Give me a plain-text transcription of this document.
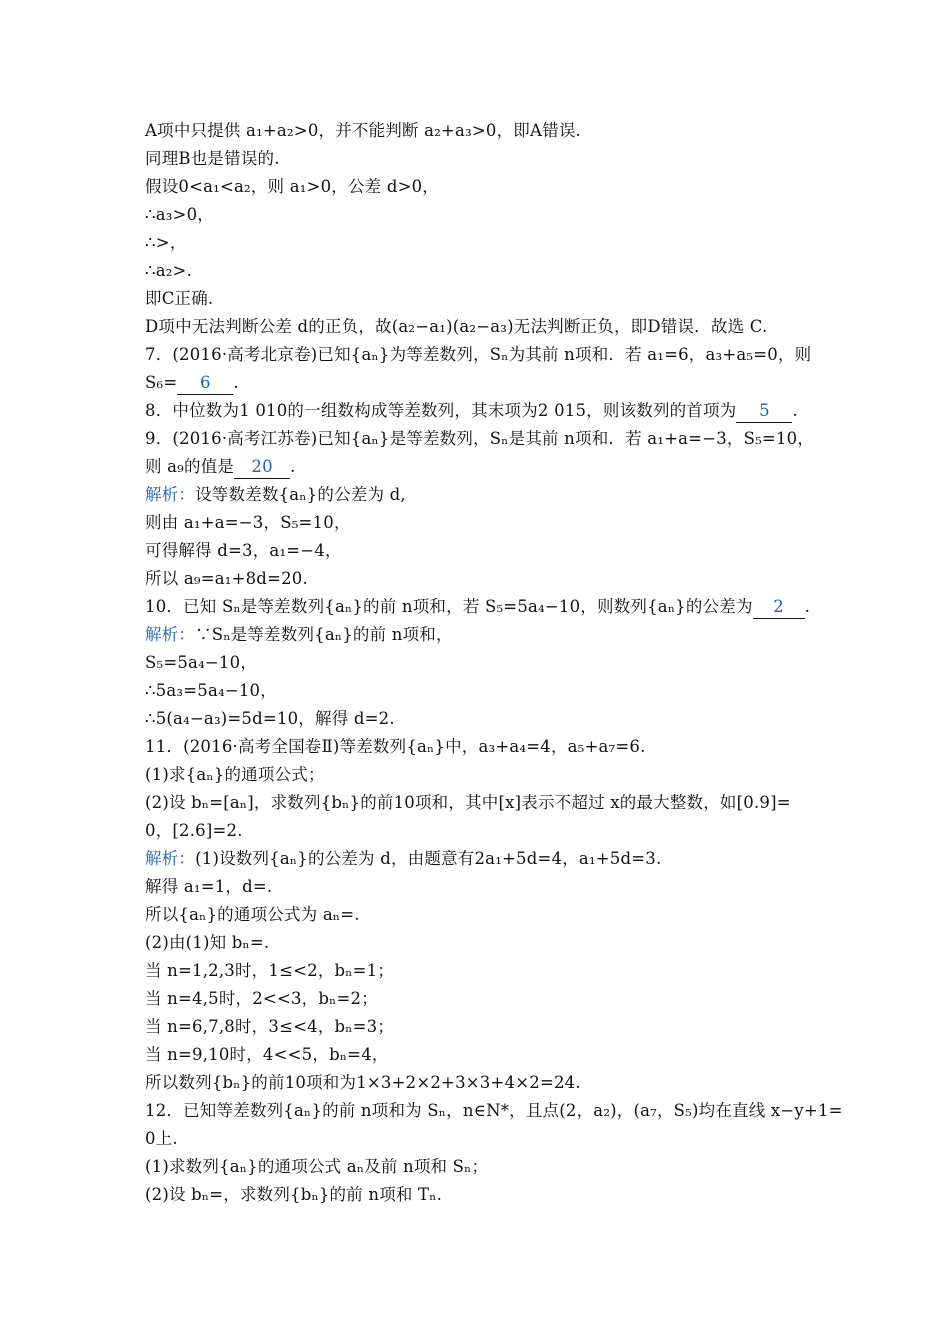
A项中只提供 a₁+a₂>0，并不能判断 a₂+a₃>0，即A错误.
同理B也是错误的.
假设0<a₁<a₂，则 a₁>0，公差 d>0，
∴a₃>0，
∴>，
∴a₂>.
即C正确.
D项中无法判断公差 d的正负，故(a₂−a₁)(a₂−a₃)无法判断正负，即D错误．故选 C.
7．(2016·高考北京卷)已知{aₙ}为等差数列，Sₙ为其前 n项和．若 a₁=6，a₃+a₅=0，则
S₆= 6 .
8．中位数为1 010的一组数构成等差数列，其末项为2 015，则该数列的首项为 5 .
9．(2016·高考江苏卷)已知{aₙ}是等差数列，Sₙ是其前 n项和．若 a₁+a=−3，S₅=10，
则 a₉的值是 20 .
解析：设等数差数{aₙ}的公差为 d,
则由 a₁+a=−3，S₅=10，
可得解得 d=3，a₁=−4，
所以 a₉=a₁+8d=20.
10．已知 Sₙ是等差数列{aₙ}的前 n项和，若 S₅=5a₄−10，则数列{aₙ}的公差为 2 .
解析：∵Sₙ是等差数列{aₙ}的前 n项和，
S₅=5a₄−10，
∴5a₃=5a₄−10，
∴5(a₄−a₃)=5d=10，解得 d=2.
11．(2016·高考全国卷Ⅱ)等差数列{aₙ}中，a₃+a₄=4，a₅+a₇=6.
(1)求{aₙ}的通项公式；
(2)设 bₙ=[aₙ]，求数列{bₙ}的前10项和，其中[x]表示不超过 x的最大整数，如[0.9]=
0，[2.6]=2.
解析：(1)设数列{aₙ}的公差为 d，由题意有2a₁+5d=4，a₁+5d=3.
解得 a₁=1，d=.
所以{aₙ}的通项公式为 aₙ=.
(2)由(1)知 bₙ=.
当 n=1,2,3时，1≤<2，bₙ=1；
当 n=4,5时，2<<3，bₙ=2；
当 n=6,7,8时，3≤<4，bₙ=3；
当 n=9,10时，4<<5，bₙ=4，
所以数列{bₙ}的前10项和为1×3+2×2+3×3+4×2=24.
12．已知等差数列{aₙ}的前 n项和为 Sₙ，n∈N*，且点(2，a₂)，(a₇，S₅)均在直线 x−y+1=
0上.
(1)求数列{aₙ}的通项公式 aₙ及前 n项和 Sₙ；
(2)设 bₙ=，求数列{bₙ}的前 n项和 Tₙ.
